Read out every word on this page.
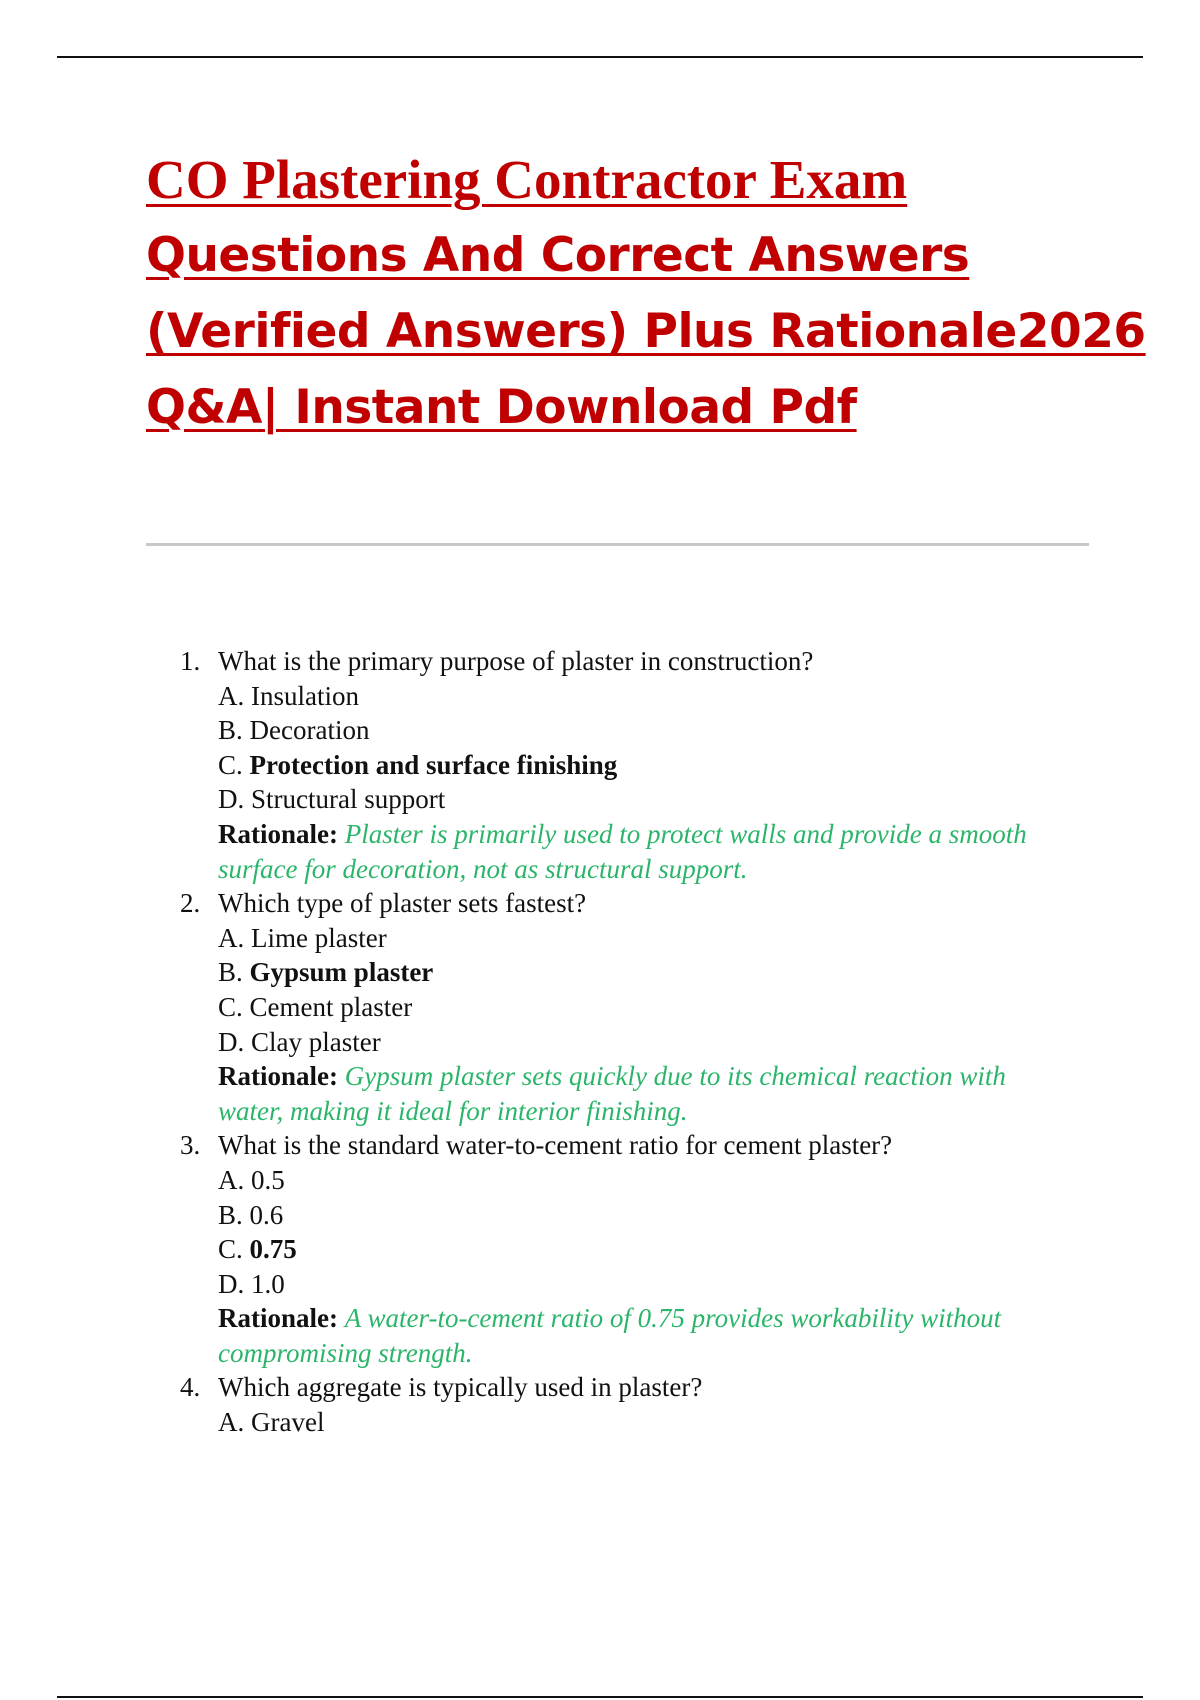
CO Plastering Contractor Exam
Questions And Correct Answers
(Verified Answers) Plus Rationale2026
Q&A| Instant Download Pdf
1. What is the primary purpose of plaster in construction?
A. Insulation
B. Decoration
C. Protection and surface finishing
D. Structural support
Rationale: Plaster is primarily used to protect walls and provide a smooth surface for decoration, not as structural support.
2. Which type of plaster sets fastest?
A. Lime plaster
B. Gypsum plaster
C. Cement plaster
D. Clay plaster
Rationale: Gypsum plaster sets quickly due to its chemical reaction with water, making it ideal for interior finishing.
3. What is the standard water-to-cement ratio for cement plaster?
A. 0.5
B. 0.6
C. 0.75
D. 1.0
Rationale: A water-to-cement ratio of 0.75 provides workability without compromising strength.
4. Which aggregate is typically used in plaster?
A. Gravel
